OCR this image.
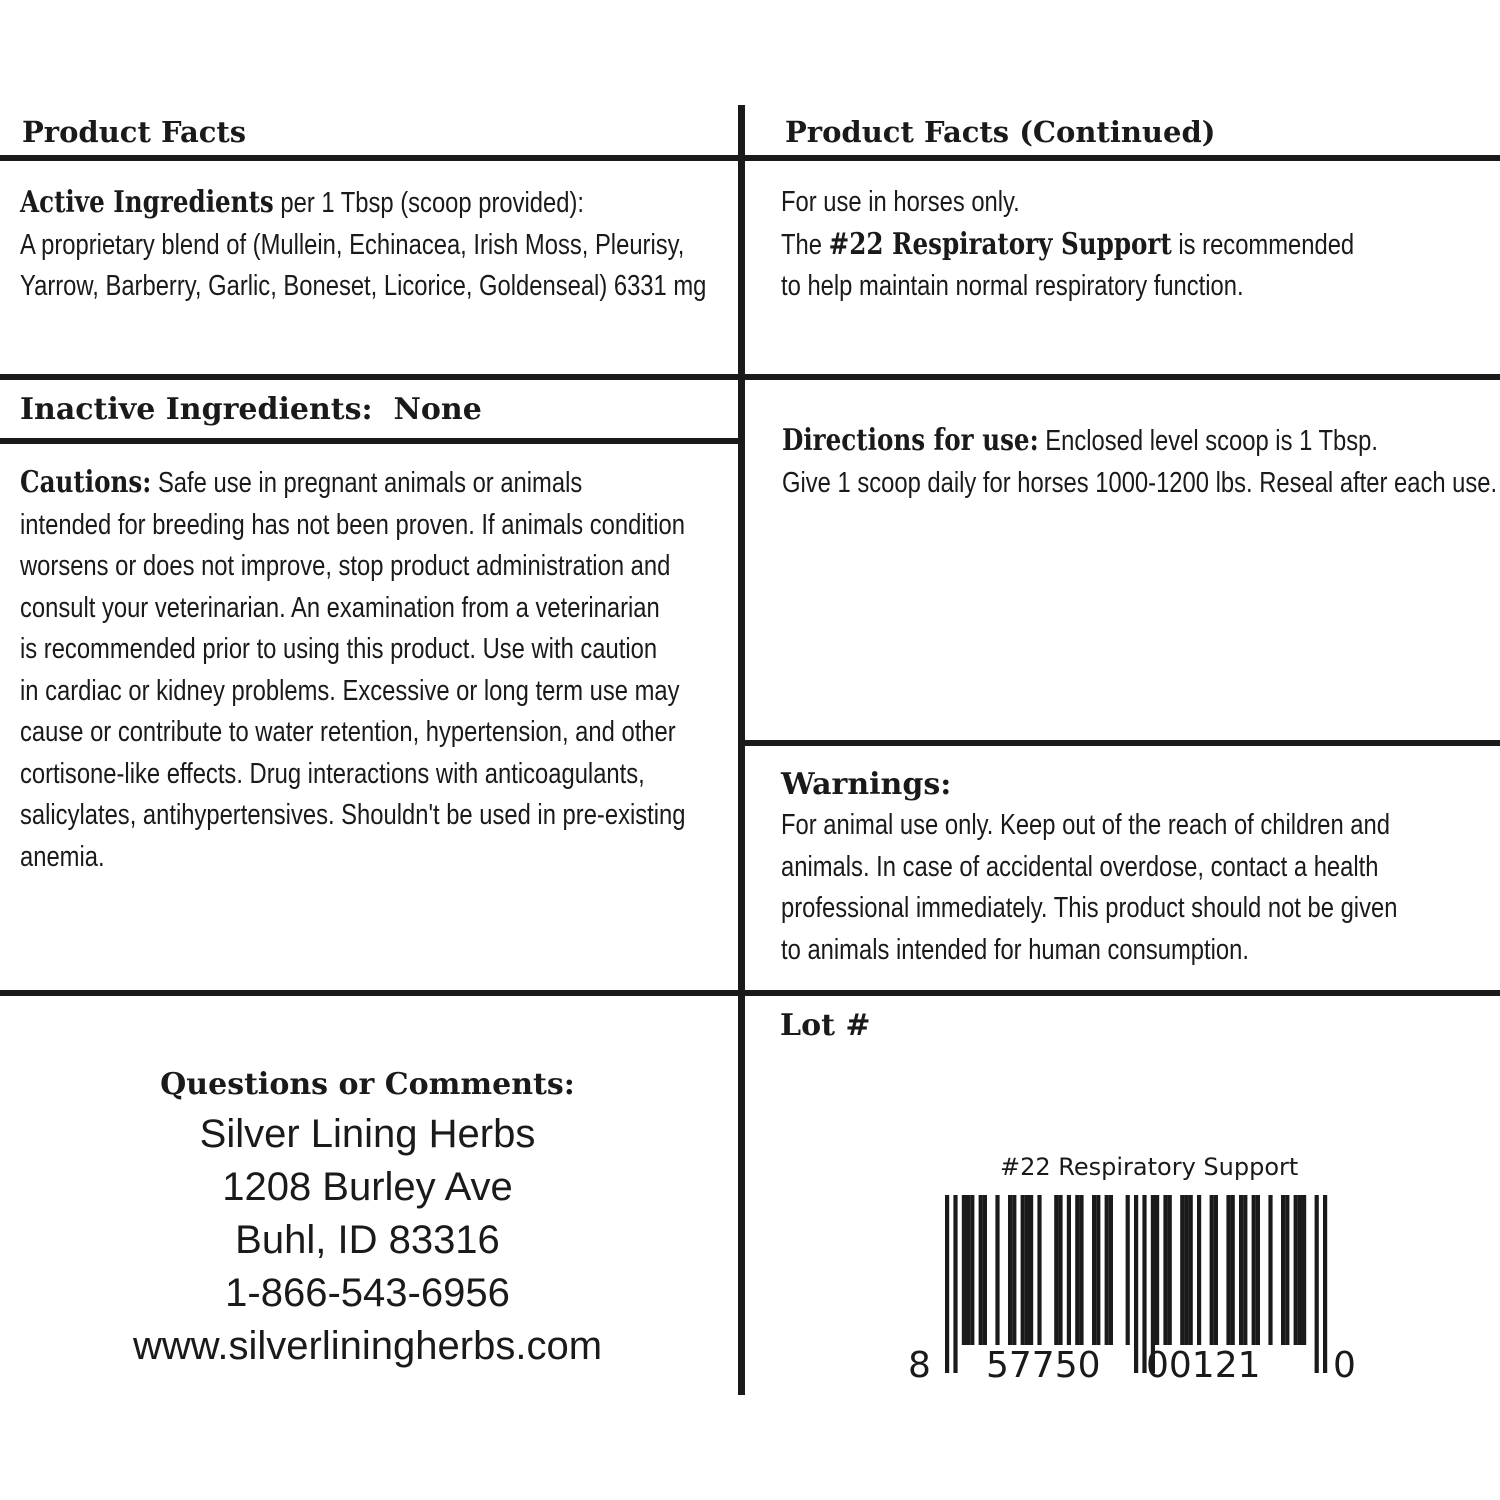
Product Facts	Product Facts (Continued)
Active Ingredients per 1 Tbsp (scoop provided):
A proprietary blend of (Mullein, Echinacea, Irish Moss, Pleurisy,
Yarrow, Barberry, Garlic, Boneset, Licorice, Goldenseal) 6331 mg
Inactive Ingredients:  None
Cautions: Safe use in pregnant animals or animals
intended for breeding has not been proven. If animals condition
worsens or does not improve, stop product administration and
consult your veterinarian. An examination from a veterinarian
is recommended prior to using this product. Use with caution
in cardiac or kidney problems. Excessive or long term use may
cause or contribute to water retention, hypertension, and other
cortisone-like effects. Drug interactions with anticoagulants,
salicylates, antihypertensives. Shouldn't be used in pre-existing
anemia.
For use in horses only.
The #22 Respiratory Support is recommended
to help maintain normal respiratory function.
Directions for use: Enclosed level scoop is 1 Tbsp.
Give 1 scoop daily for horses 1000-1200 lbs. Reseal after each use.
Warnings:
For animal use only. Keep out of the reach of children and
animals. In case of accidental overdose, contact a health
professional immediately. This product should not be given
to animals intended for human consumption.
Questions or Comments:
Silver Lining Herbs
1208 Burley Ave
Buhl, ID 83316
1-866-543-6956
www.silverliningherbs.com
Lot #
#22 Respiratory Support
8 57750 00121 0
